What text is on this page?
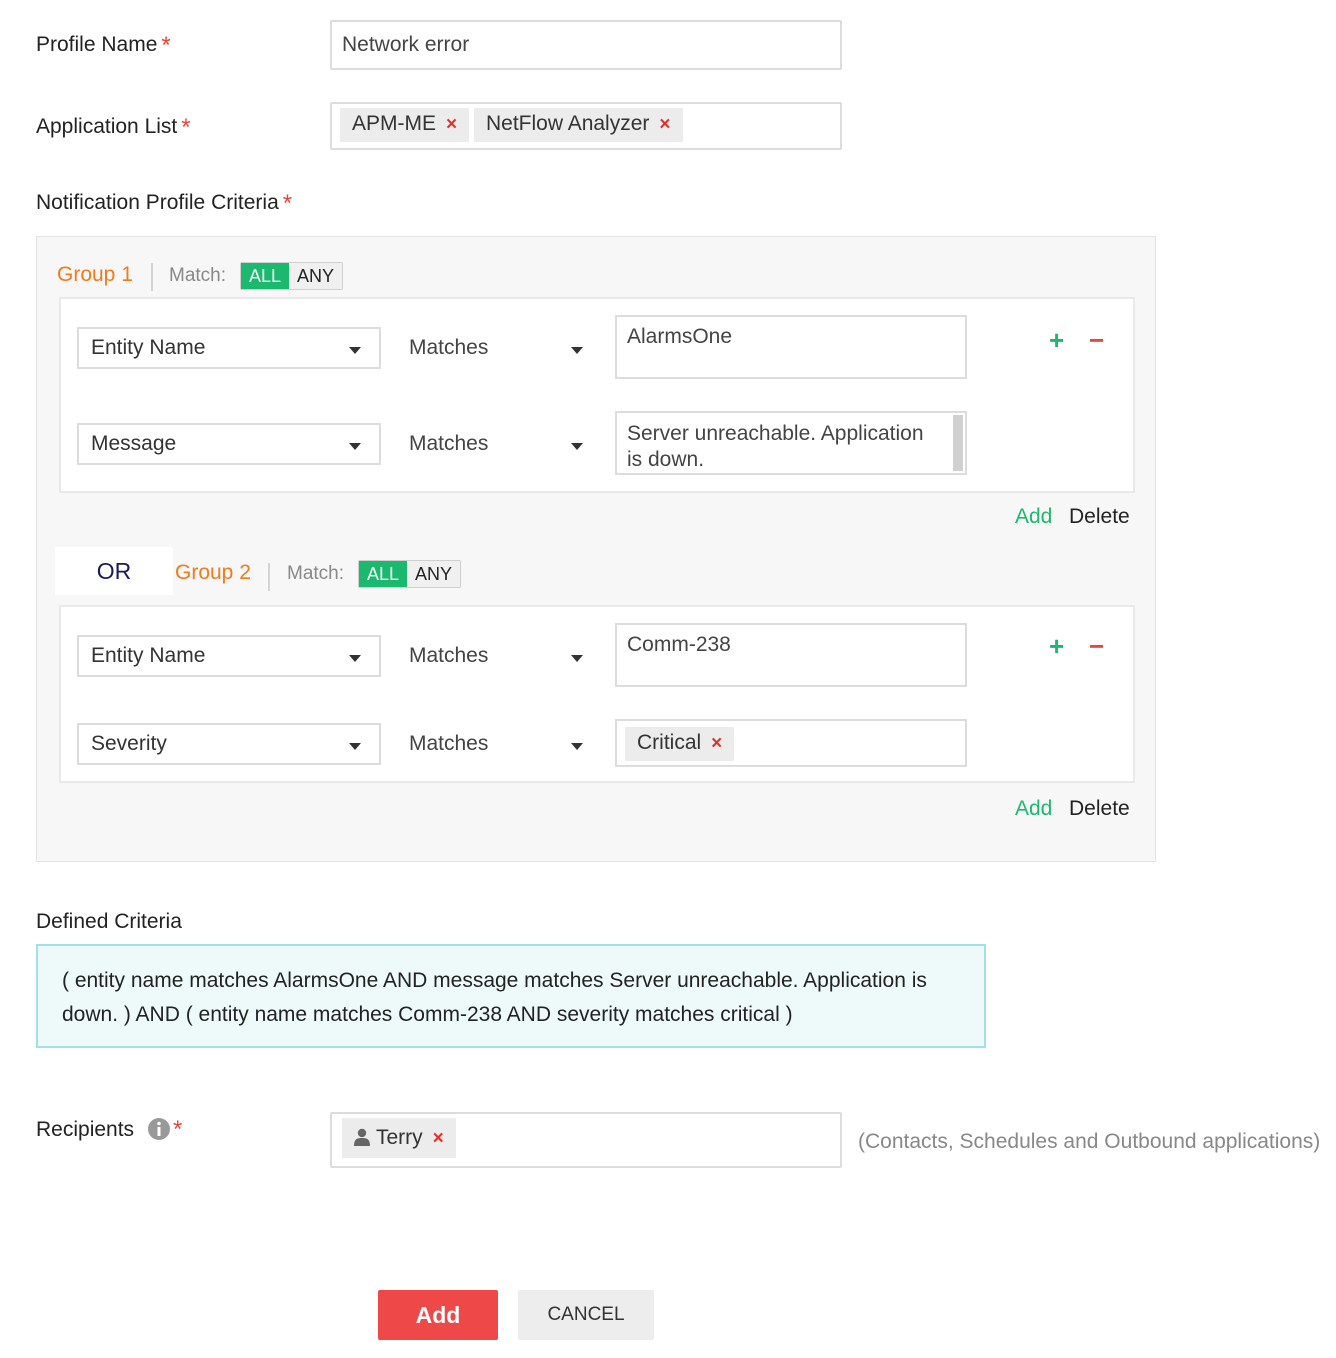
Profile Name *	Network error
Application List *	APM-ME ×	NetFlow Analyzer ×
Notification Profile Criteria *
Group 1 Match:	ALL ANY
Entity Name	Matches	AlarmsOne	+ −
Message	Matches	Server unreachable. Application is down.
Add Delete
OR	Group 2 Match:	ALL ANY
Entity Name	Matches	Comm-238	+ −
Severity	Matches	Critical ×
Add Delete
Defined Criteria
( entity name matches AlarmsOne AND message matches Server unreachable. Application is down. ) AND ( entity name matches Comm-238 AND severity matches critical )
Recipients *	Terry ×	(Contacts, Schedules and Outbound applications)
Add	CANCEL
